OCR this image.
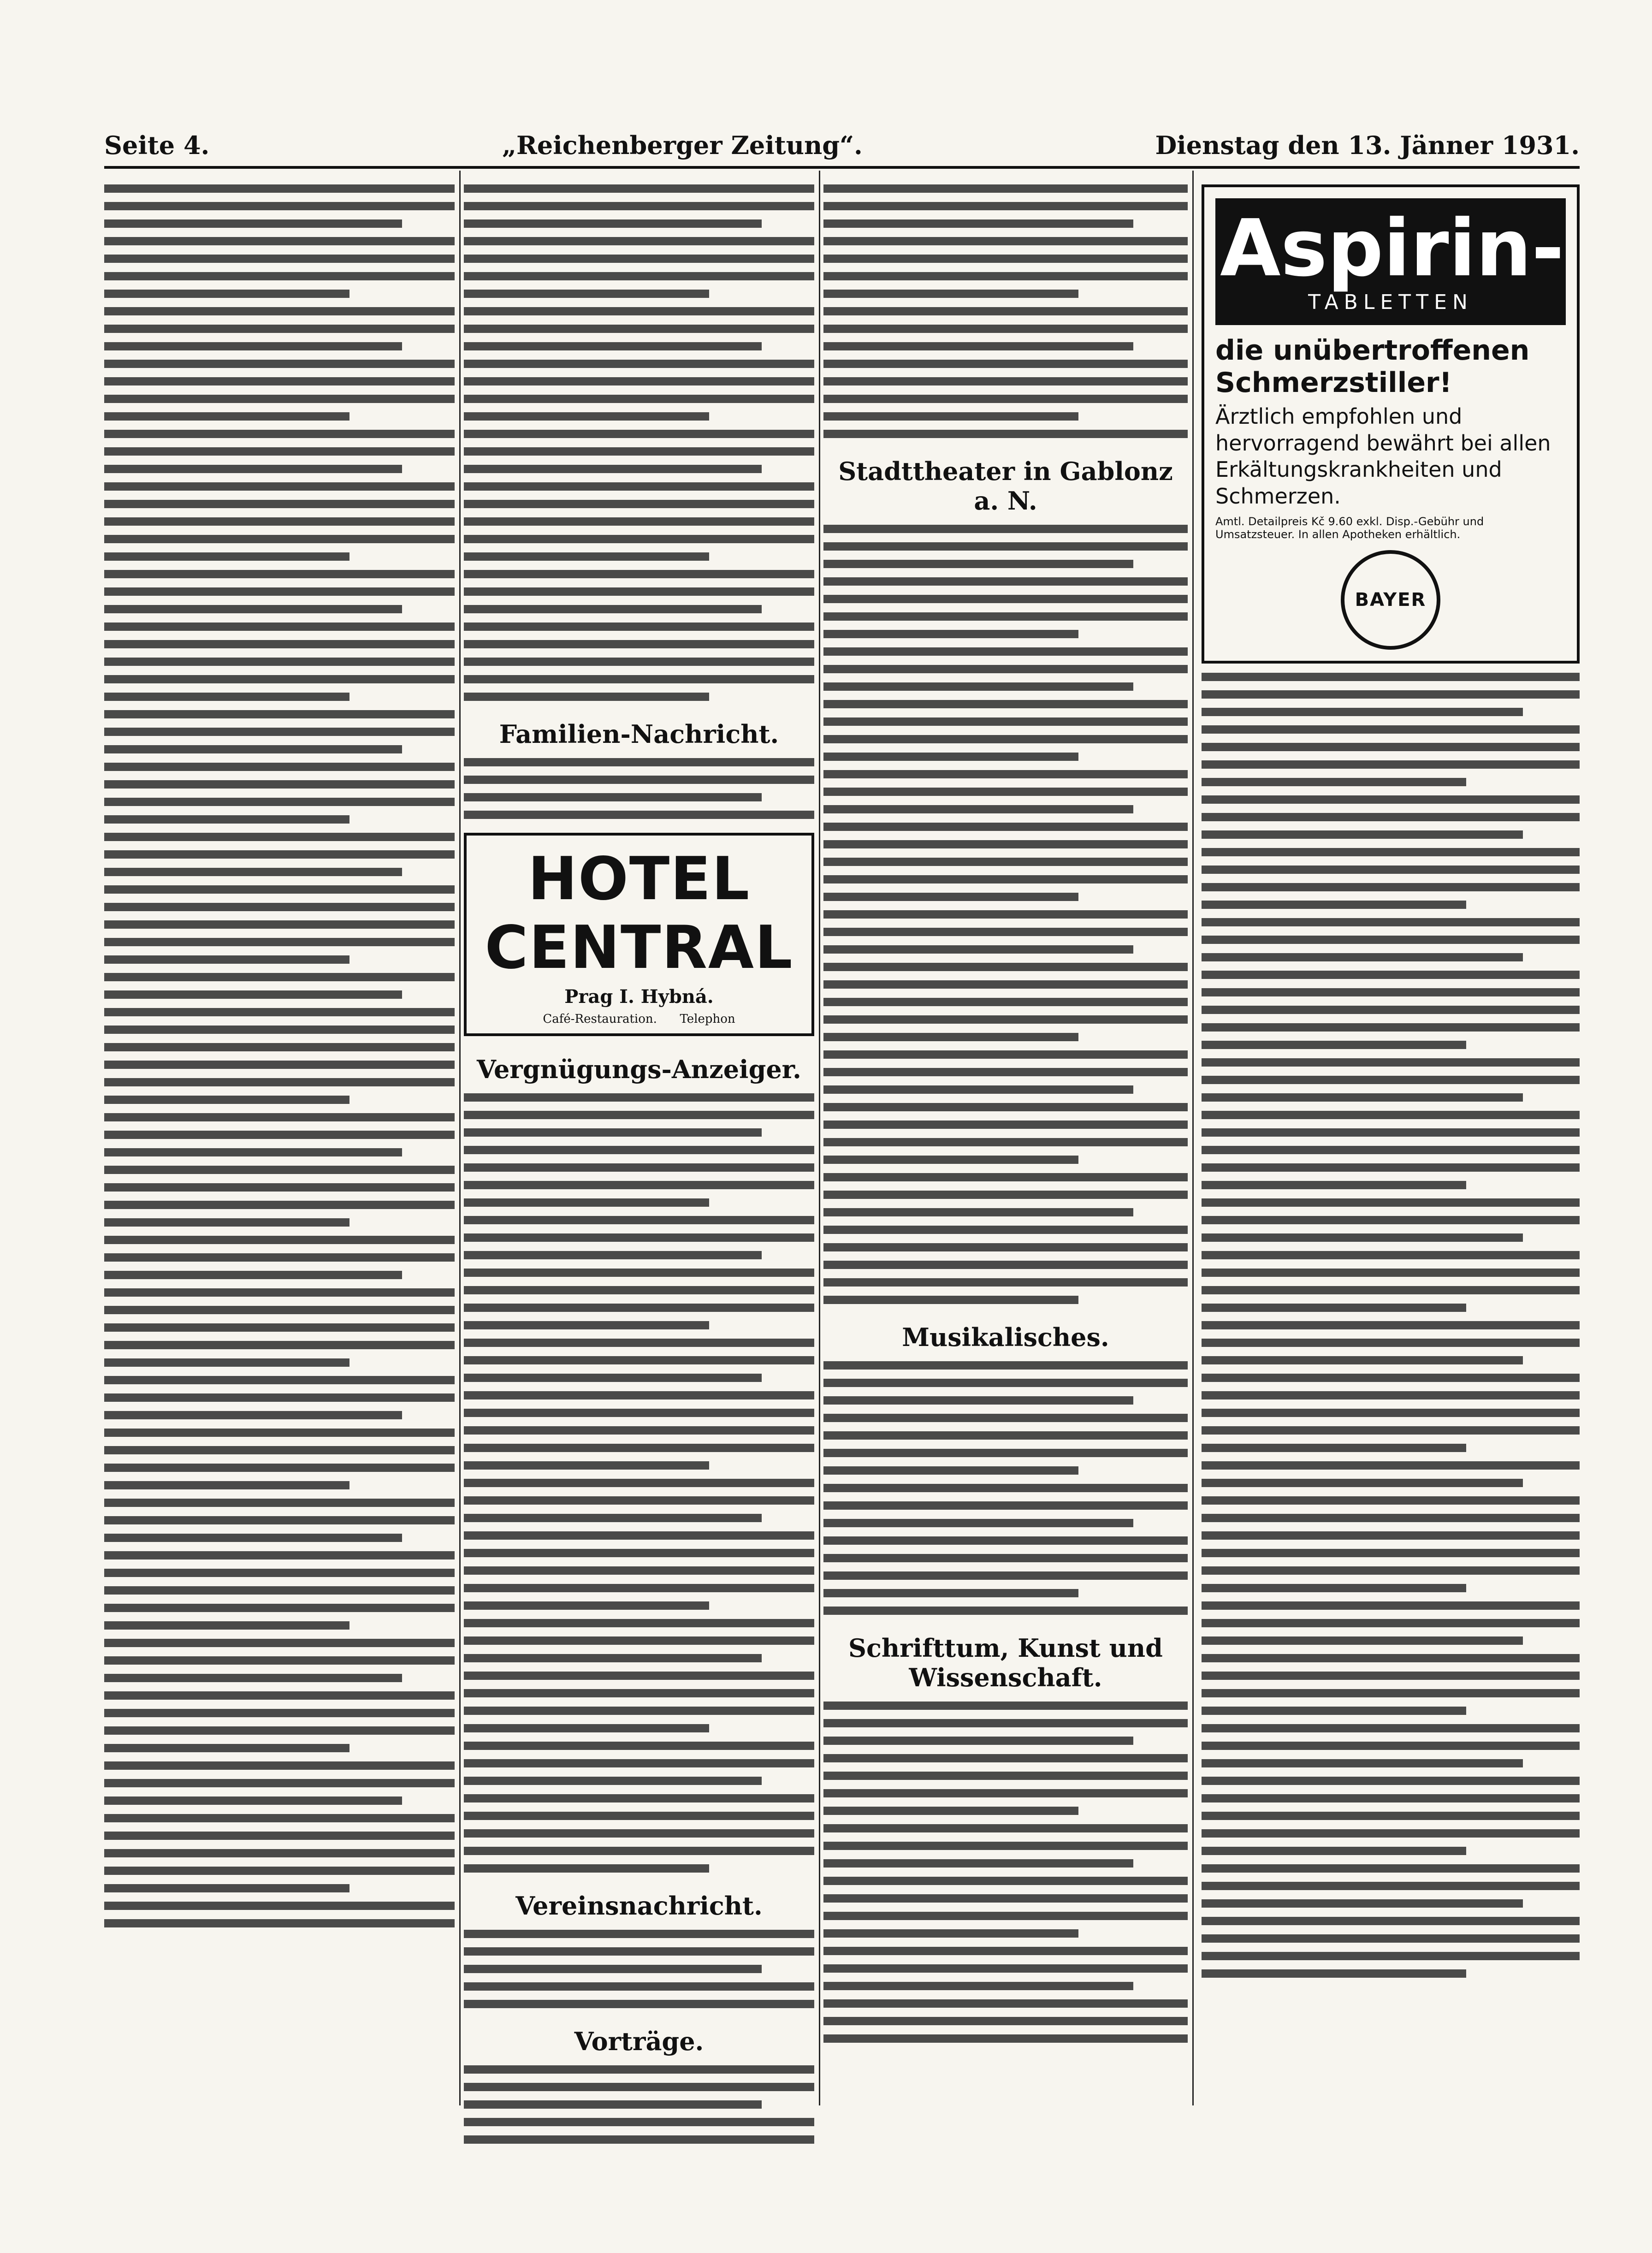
Seite 4.	„Reichenberger Zeitung“.	Dienstag den 13. Jänner 1931.
Familien-Nachricht.
HOTEL CENTRAL
Prag I. Hybná.
Café-Restauration. Telephon
Vergnügungs-Anzeiger.
Vereinsnachricht.
Vorträge.
Stadttheater in Gablonz a. N.
Musikalisches.
Schrifttum, Kunst und Wissenschaft.
Aspirin-
TABLETTEN
die unübertroffenen Schmerzstiller!
Ärztlich empfohlen und hervorragend bewährt bei allen Erkältungskrankheiten und Schmerzen.
Amtl. Detailpreis Kč 9.60 exkl. Disp.-Gebühr und Umsatzsteuer. In allen Apotheken erhältlich.
BAYER
